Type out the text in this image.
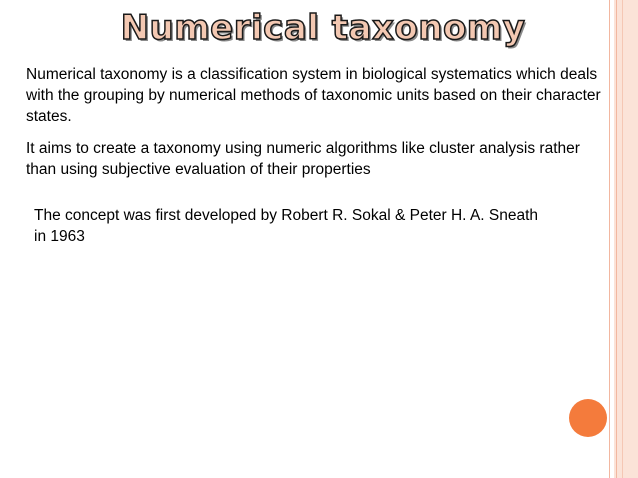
Numerical taxonomy

Numerical taxonomy is a classification system in biological systematics which deals with the grouping by numerical methods of taxonomic units based on their character states.

It aims to create a taxonomy using numeric algorithms like cluster analysis rather than using subjective evaluation of their properties

The concept was first developed by Robert R. Sokal & Peter H. A. Sneath in 1963
